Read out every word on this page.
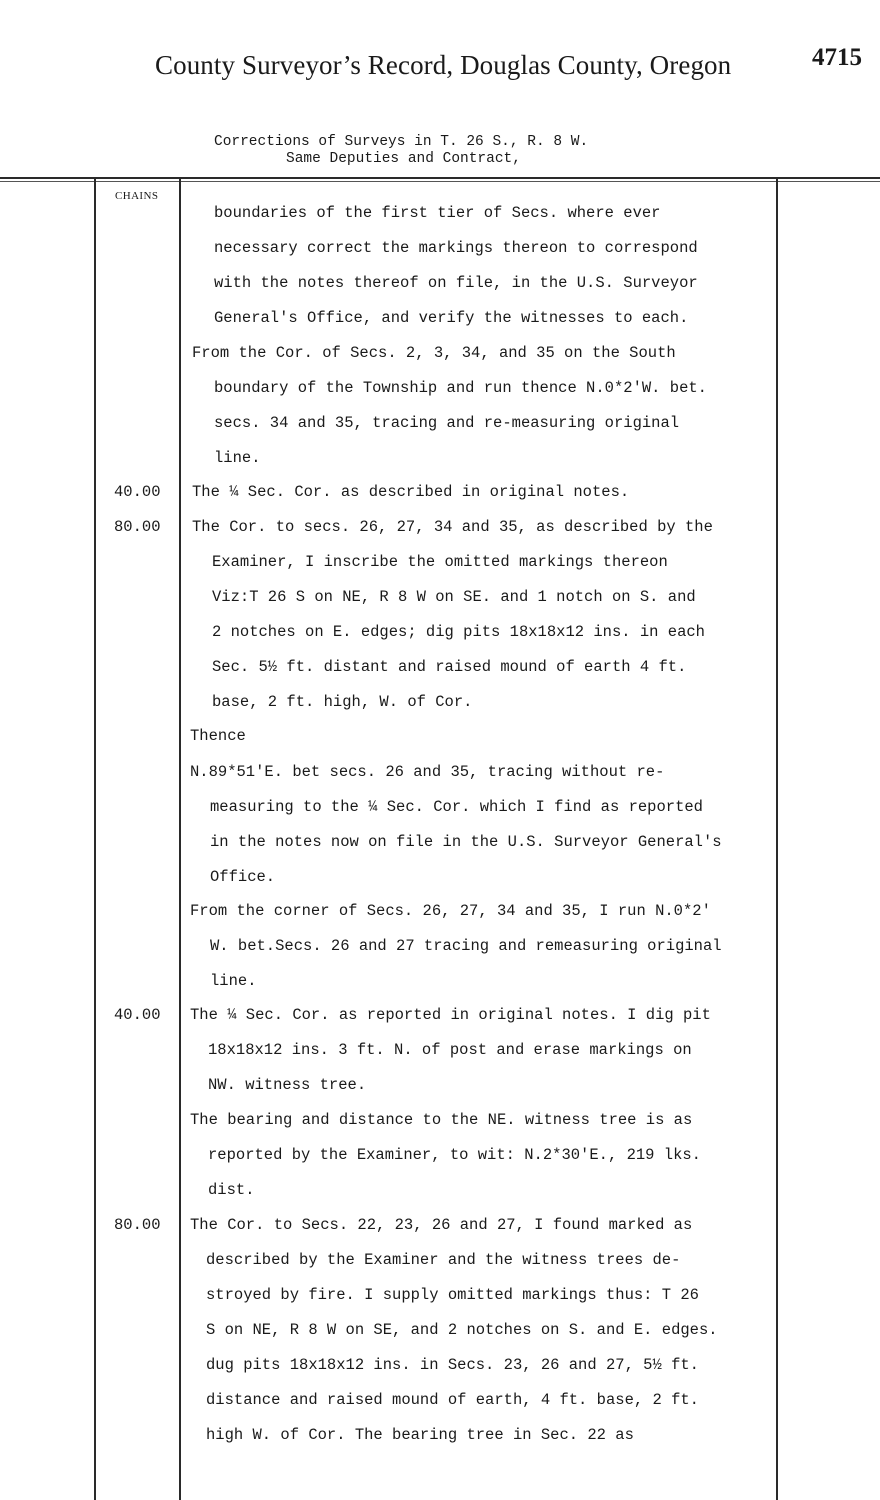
County Surveyor’s Record, Douglas County, Oregon	4715
Corrections of Surveys in T. 26 S., R. 8 W.
Same Deputies and Contract,
CHAINS
40.00
80.00
40.00
80.00
boundaries of the first tier of Secs. where ever
necessary correct the markings thereon to correspond
with the notes thereof on file, in the U.S. Surveyor
General's Office, and verify the witnesses to each.
From the Cor. of Secs. 2, 3, 34, and 35 on the South
boundary of the Township and run thence N.0*2'W. bet.
secs. 34 and 35, tracing and re-measuring original
line.
The ¼ Sec. Cor. as described in original notes.
The Cor. to secs. 26, 27, 34 and 35, as described by the
Examiner, I inscribe the omitted markings thereon
Viz:T 26 S on NE, R 8 W on SE. and 1 notch on S. and
2 notches on E. edges; dig pits 18x18x12 ins. in each
Sec. 5½ ft. distant and raised mound of earth 4 ft.
base, 2 ft. high, W. of Cor.
Thence
N.89*51'E. bet secs. 26 and 35, tracing without re-
measuring to the ¼ Sec. Cor. which I find as reported
in the notes now on file in the U.S. Surveyor General's
Office.
From the corner of Secs. 26, 27, 34 and 35, I run N.0*2'
W. bet.Secs. 26 and 27 tracing and remeasuring original
line.
The ¼ Sec. Cor. as reported in original notes. I dig pit
18x18x12 ins. 3 ft. N. of post and erase markings on
NW. witness tree.
The bearing and distance to the NE. witness tree is as
reported by the Examiner, to wit: N.2*30'E., 219 lks.
dist.
The Cor. to Secs. 22, 23, 26 and 27, I found marked as
described by the Examiner and the witness trees de-
stroyed by fire. I supply omitted markings thus: T 26
S on NE, R 8 W on SE, and 2 notches on S. and E. edges.
dug pits 18x18x12 ins. in Secs. 23, 26 and 27, 5½ ft.
distance and raised mound of earth, 4 ft. base, 2 ft.
high W. of Cor. The bearing tree in Sec. 22 as
